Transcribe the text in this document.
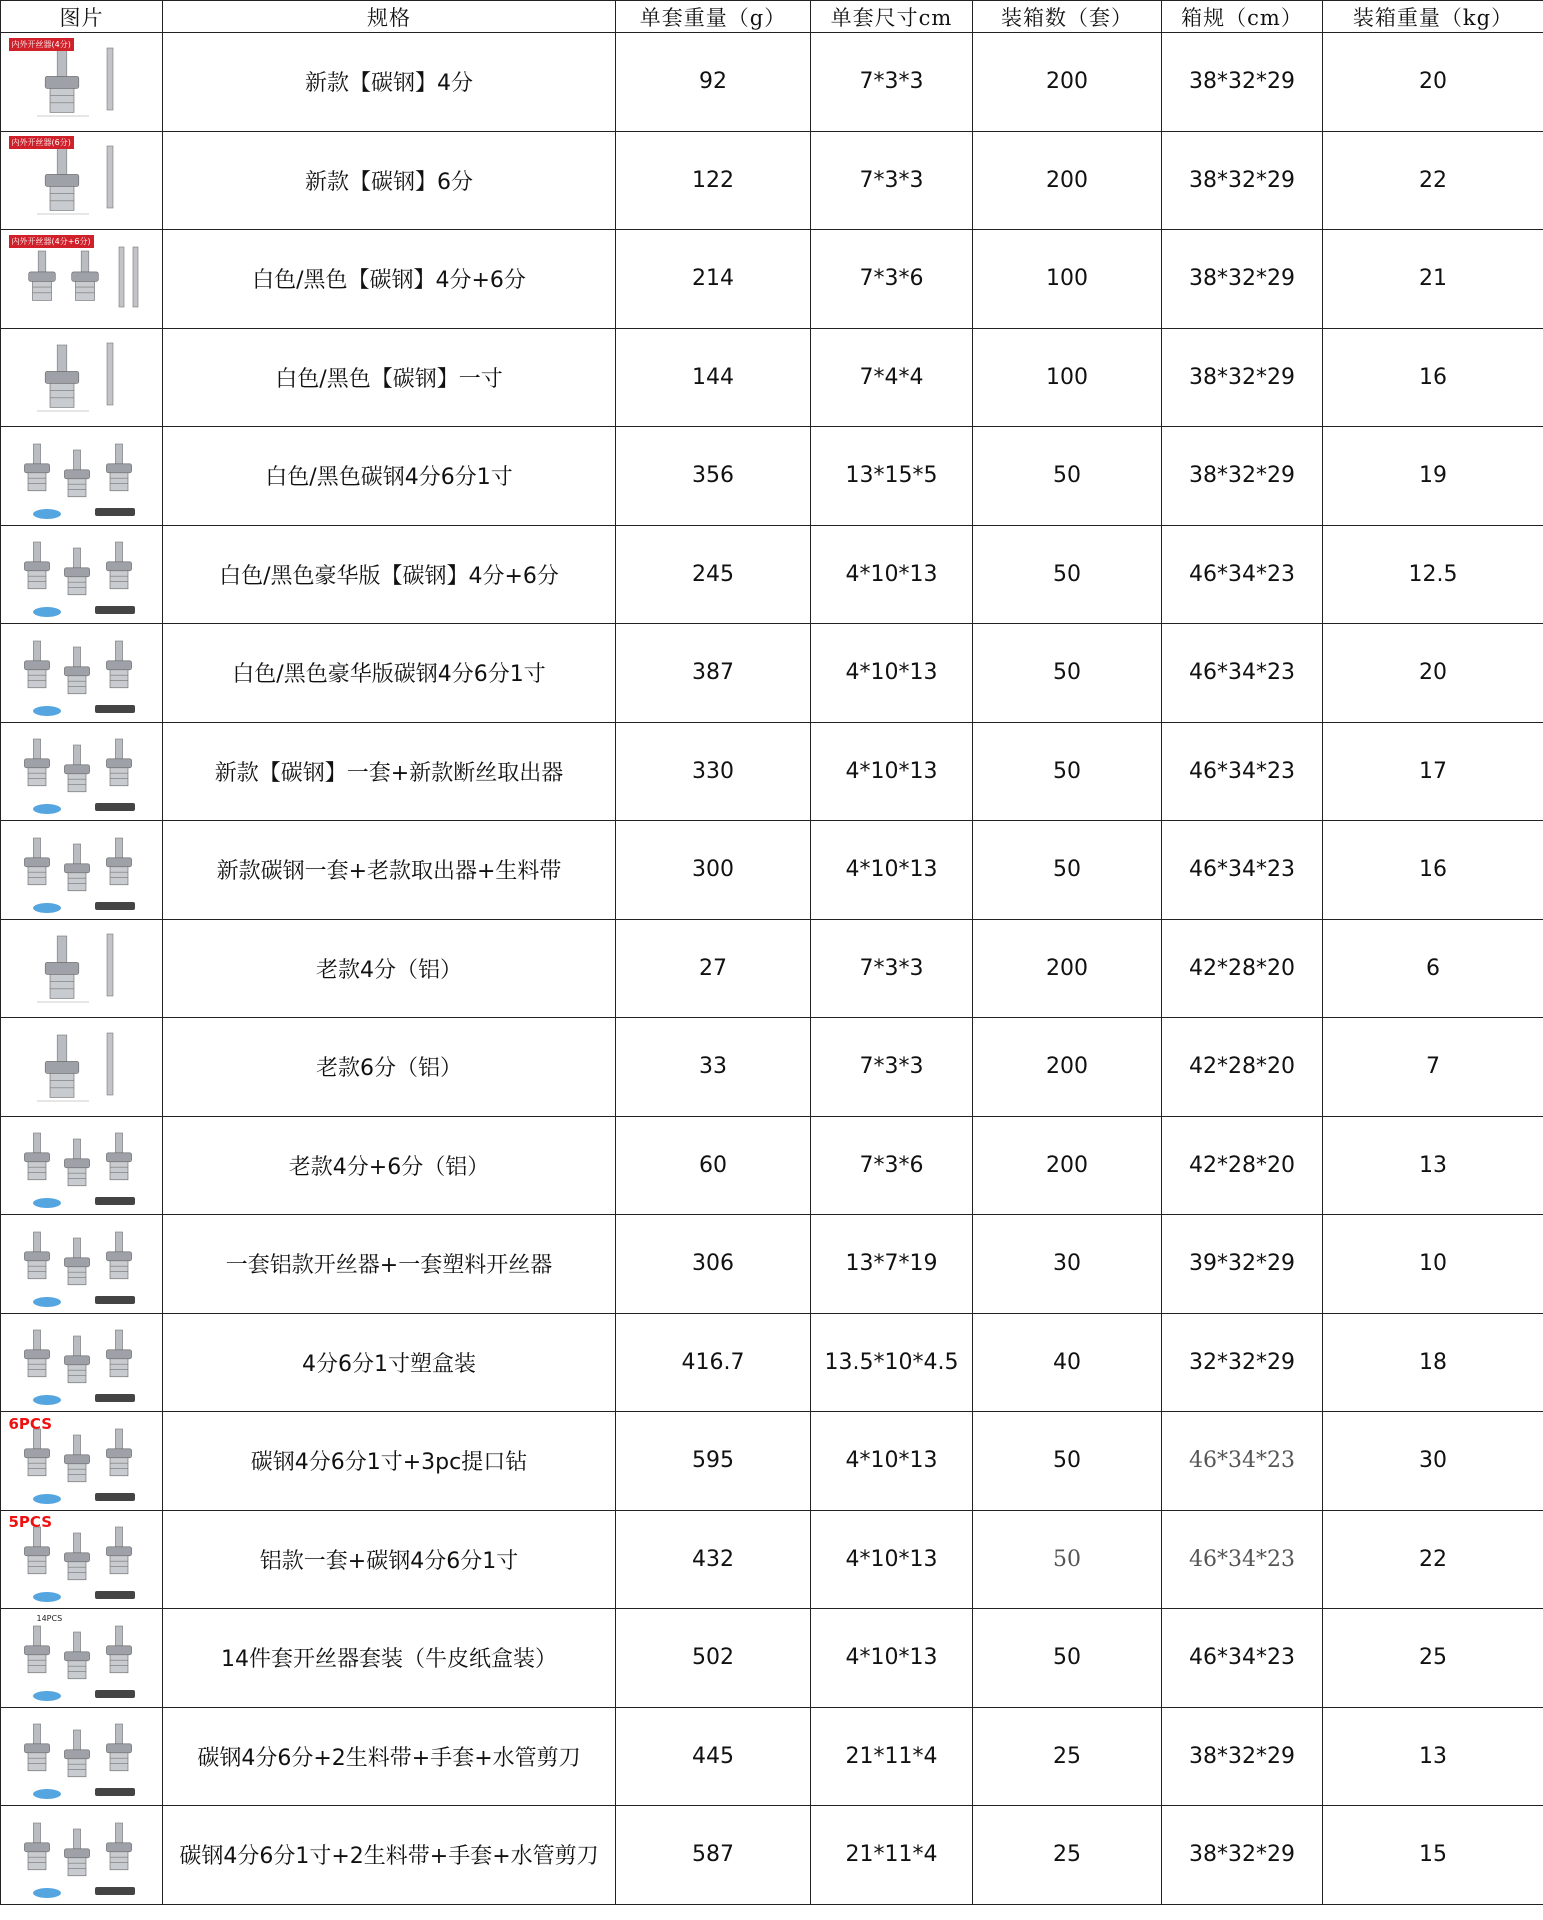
图片	规格	单套重量（g）	单套尺寸cm	装箱数（套）	箱规（cm）	装箱重量（kg）

内外开丝器(4分)	新款【碳钢】4分	92	7*3*3	200	38*32*29	20

内外开丝器(6分)	新款【碳钢】6分	122	7*3*3	200	38*32*29	22

内外开丝器(4分+6分)	白色/黑色【碳钢】4分+6分	214	7*3*6	100	38*32*29	21

	白色/黑色【碳钢】一寸	144	7*4*4	100	38*32*29	16

	白色/黑色碳钢4分6分1寸	356	13*15*5	50	38*32*29	19

	白色/黑色豪华版【碳钢】4分+6分	245	4*10*13	50	46*34*23	12.5

	白色/黑色豪华版碳钢4分6分1寸	387	4*10*13	50	46*34*23	20

	新款【碳钢】一套+新款断丝取出器	330	4*10*13	50	46*34*23	17

	新款碳钢一套+老款取出器+生料带	300	4*10*13	50	46*34*23	16

	老款4分（铝）	27	7*3*3	200	42*28*20	6

	老款6分（铝）	33	7*3*3	200	42*28*20	7

	老款4分+6分（铝）	60	7*3*6	200	42*28*20	13

	一套铝款开丝器+一套塑料开丝器	306	13*7*19	30	39*32*29	10

	4分6分1寸塑盒装	416.7	13.5*10*4.5	40	32*32*29	18

6PCS	碳钢4分6分1寸+3pc提口钻	595	4*10*13	50	46*34*23	30

5PCS	铝款一套+碳钢4分6分1寸	432	4*10*13	50	46*34*23	22

14PCS	14件套开丝器套装（牛皮纸盒装）	502	4*10*13	50	46*34*23	25

	碳钢4分6分+2生料带+手套+水管剪刀	445	21*11*4	25	38*32*29	13

	碳钢4分6分1寸+2生料带+手套+水管剪刀	587	21*11*4	25	38*32*29	15
